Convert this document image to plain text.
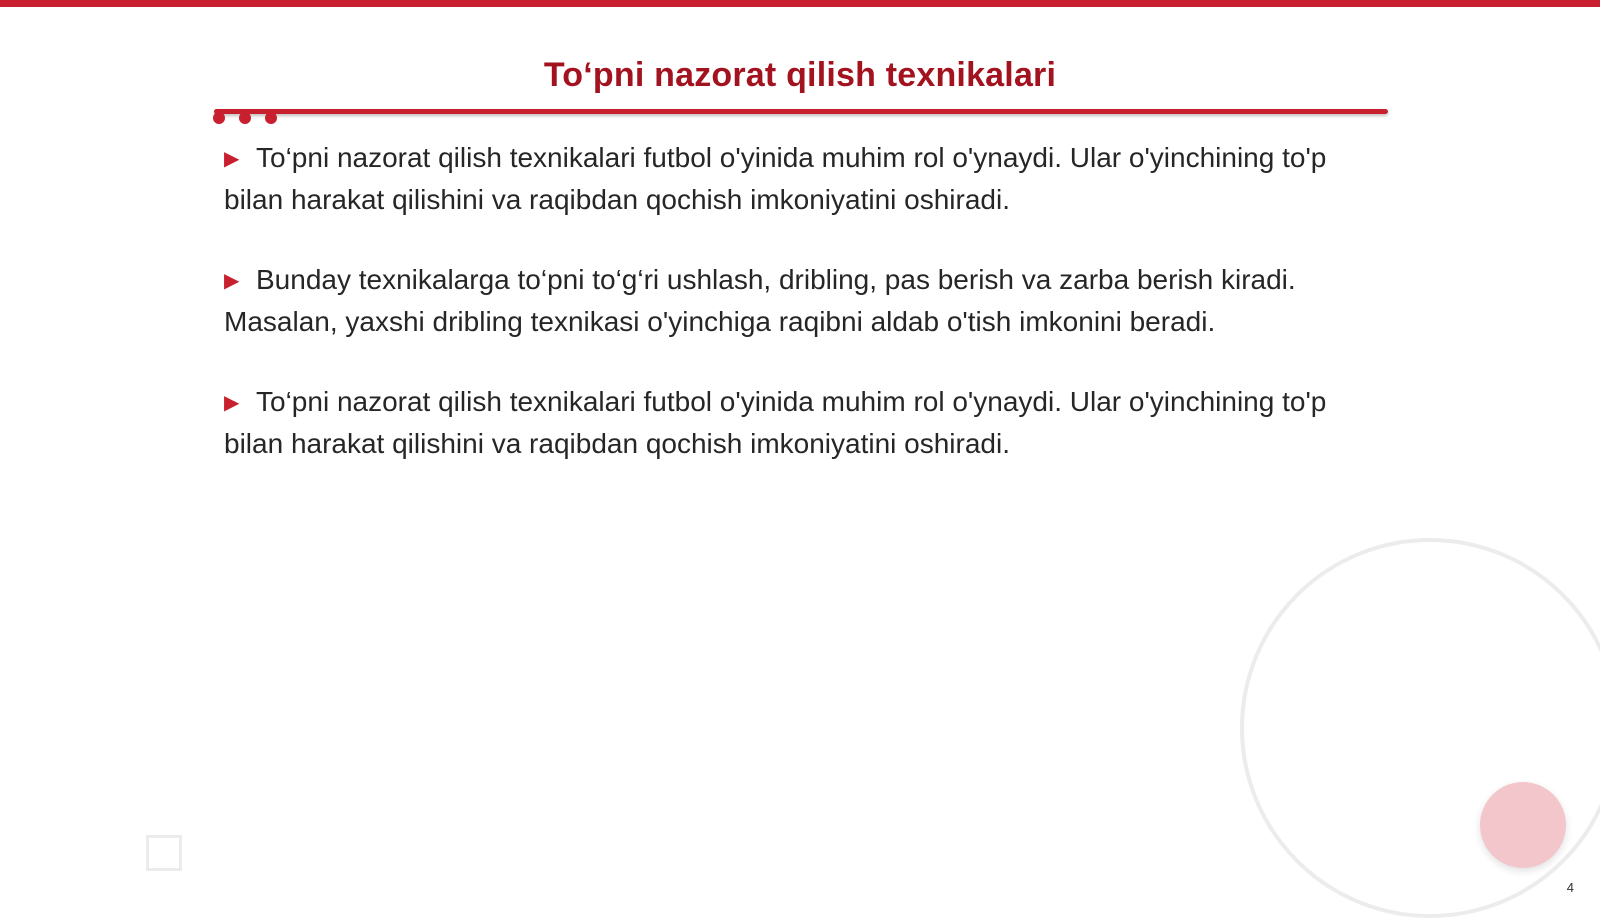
To‘pni nazorat qilish texnikalari
▶ To‘pni nazorat qilish texnikalari futbol o'yinida muhim rol o'ynaydi. Ular o'yinchining to'p bilan harakat qilishini va raqibdan qochish imkoniyatini oshiradi.
▶ Bunday texnikalarga to‘pni to‘g‘ri ushlash, dribling, pas berish va zarba berish kiradi. Masalan, yaxshi dribling texnikasi o'yinchiga raqibni aldab o'tish imkonini beradi.
▶ To‘pni nazorat qilish texnikalari futbol o'yinida muhim rol o'ynaydi. Ular o'yinchining to'p bilan harakat qilishini va raqibdan qochish imkoniyatini oshiradi.
4
